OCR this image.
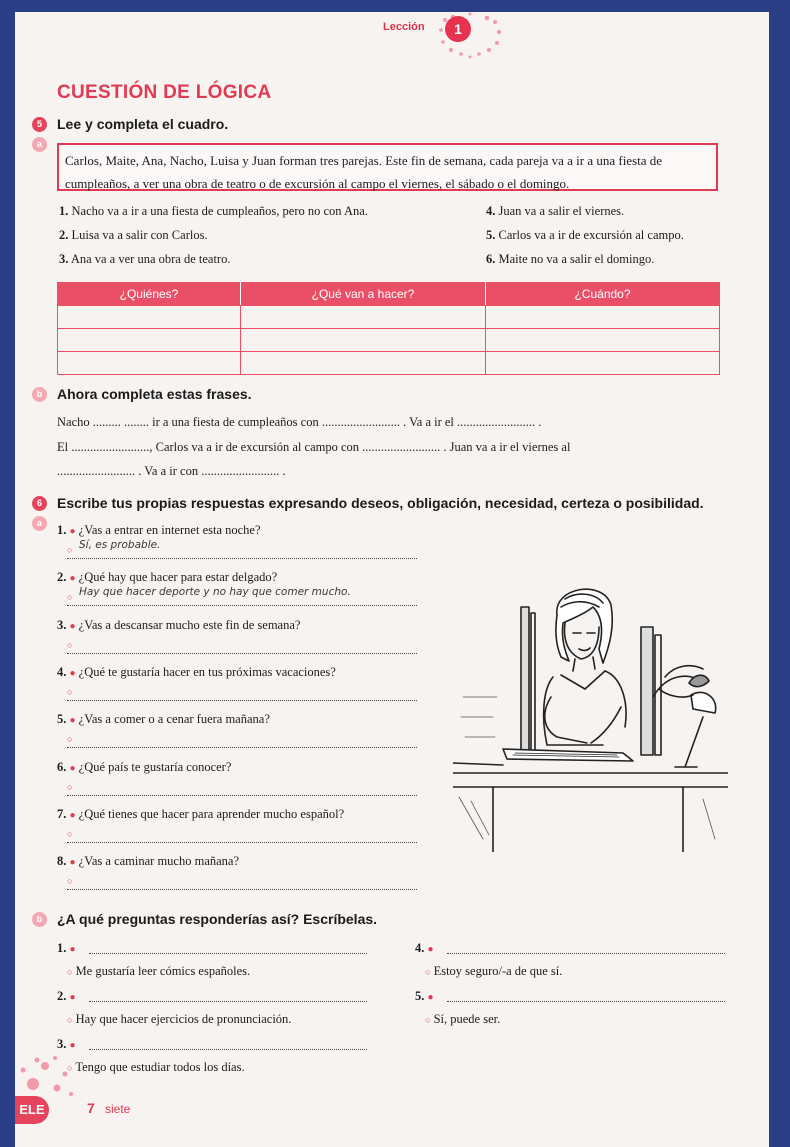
Lección	1
CUESTIÓN DE LÓGICA
5	Lee y completa el cuadro.
a
Carlos, Maite, Ana, Nacho, Luisa y Juan forman tres parejas. Este fin de semana, cada pareja va a ir a una fiesta de
cumpleaños, a ver una obra de teatro o de excursión al campo el viernes, el sábado o el domingo.
1. Nacho va a ir a una fiesta de cumpleaños, pero no con Ana.
2. Luisa va a salir con Carlos.
3. Ana va a ver una obra de teatro.
4. Juan va a salir el viernes.
5. Carlos va a ir de excursión al campo.
6. Maite no va a salir el domingo.
¿Quiénes?	¿Qué van a hacer?	¿Cuándo?

b	Ahora completa estas frases.
Nacho ......... ........ ir a una fiesta de cumpleaños con ......................... . Va a ir el ......................... .
El ........................., Carlos va a ir de excursión al campo con ......................... . Juan va a ir el viernes al
......................... . Va a ir con ......................... .
6	Escribe tus propias respuestas expresando deseos, obligación, necesidad, certeza o posibilidad.
a	1. ● ¿Vas a entrar en internet esta noche?
○ Sí, es probable.
2. ● ¿Qué hay que hacer para estar delgado?
○ Hay que hacer deporte y no hay que comer mucho.
3. ● ¿Vas a descansar mucho este fin de semana?
○
4. ● ¿Qué te gustaría hacer en tus próximas vacaciones?
○
5. ● ¿Vas a comer o a cenar fuera mañana?
○
6. ● ¿Qué país te gustaría conocer?
○
7. ● ¿Qué tienes que hacer para aprender mucho español?
○
8. ● ¿Vas a caminar mucho mañana?
○
b	¿A qué preguntas responderías así? Escríbelas.
1. ●
○ Me gustaría leer cómics españoles.
2. ●
○ Hay que hacer ejercicios de pronunciación.
3. ●
○ Tengo que estudiar todos los días.
4. ●
○ Estoy seguro/-a de que sí.
5. ●
○ Sí, puede ser.
ELE	7 siete
